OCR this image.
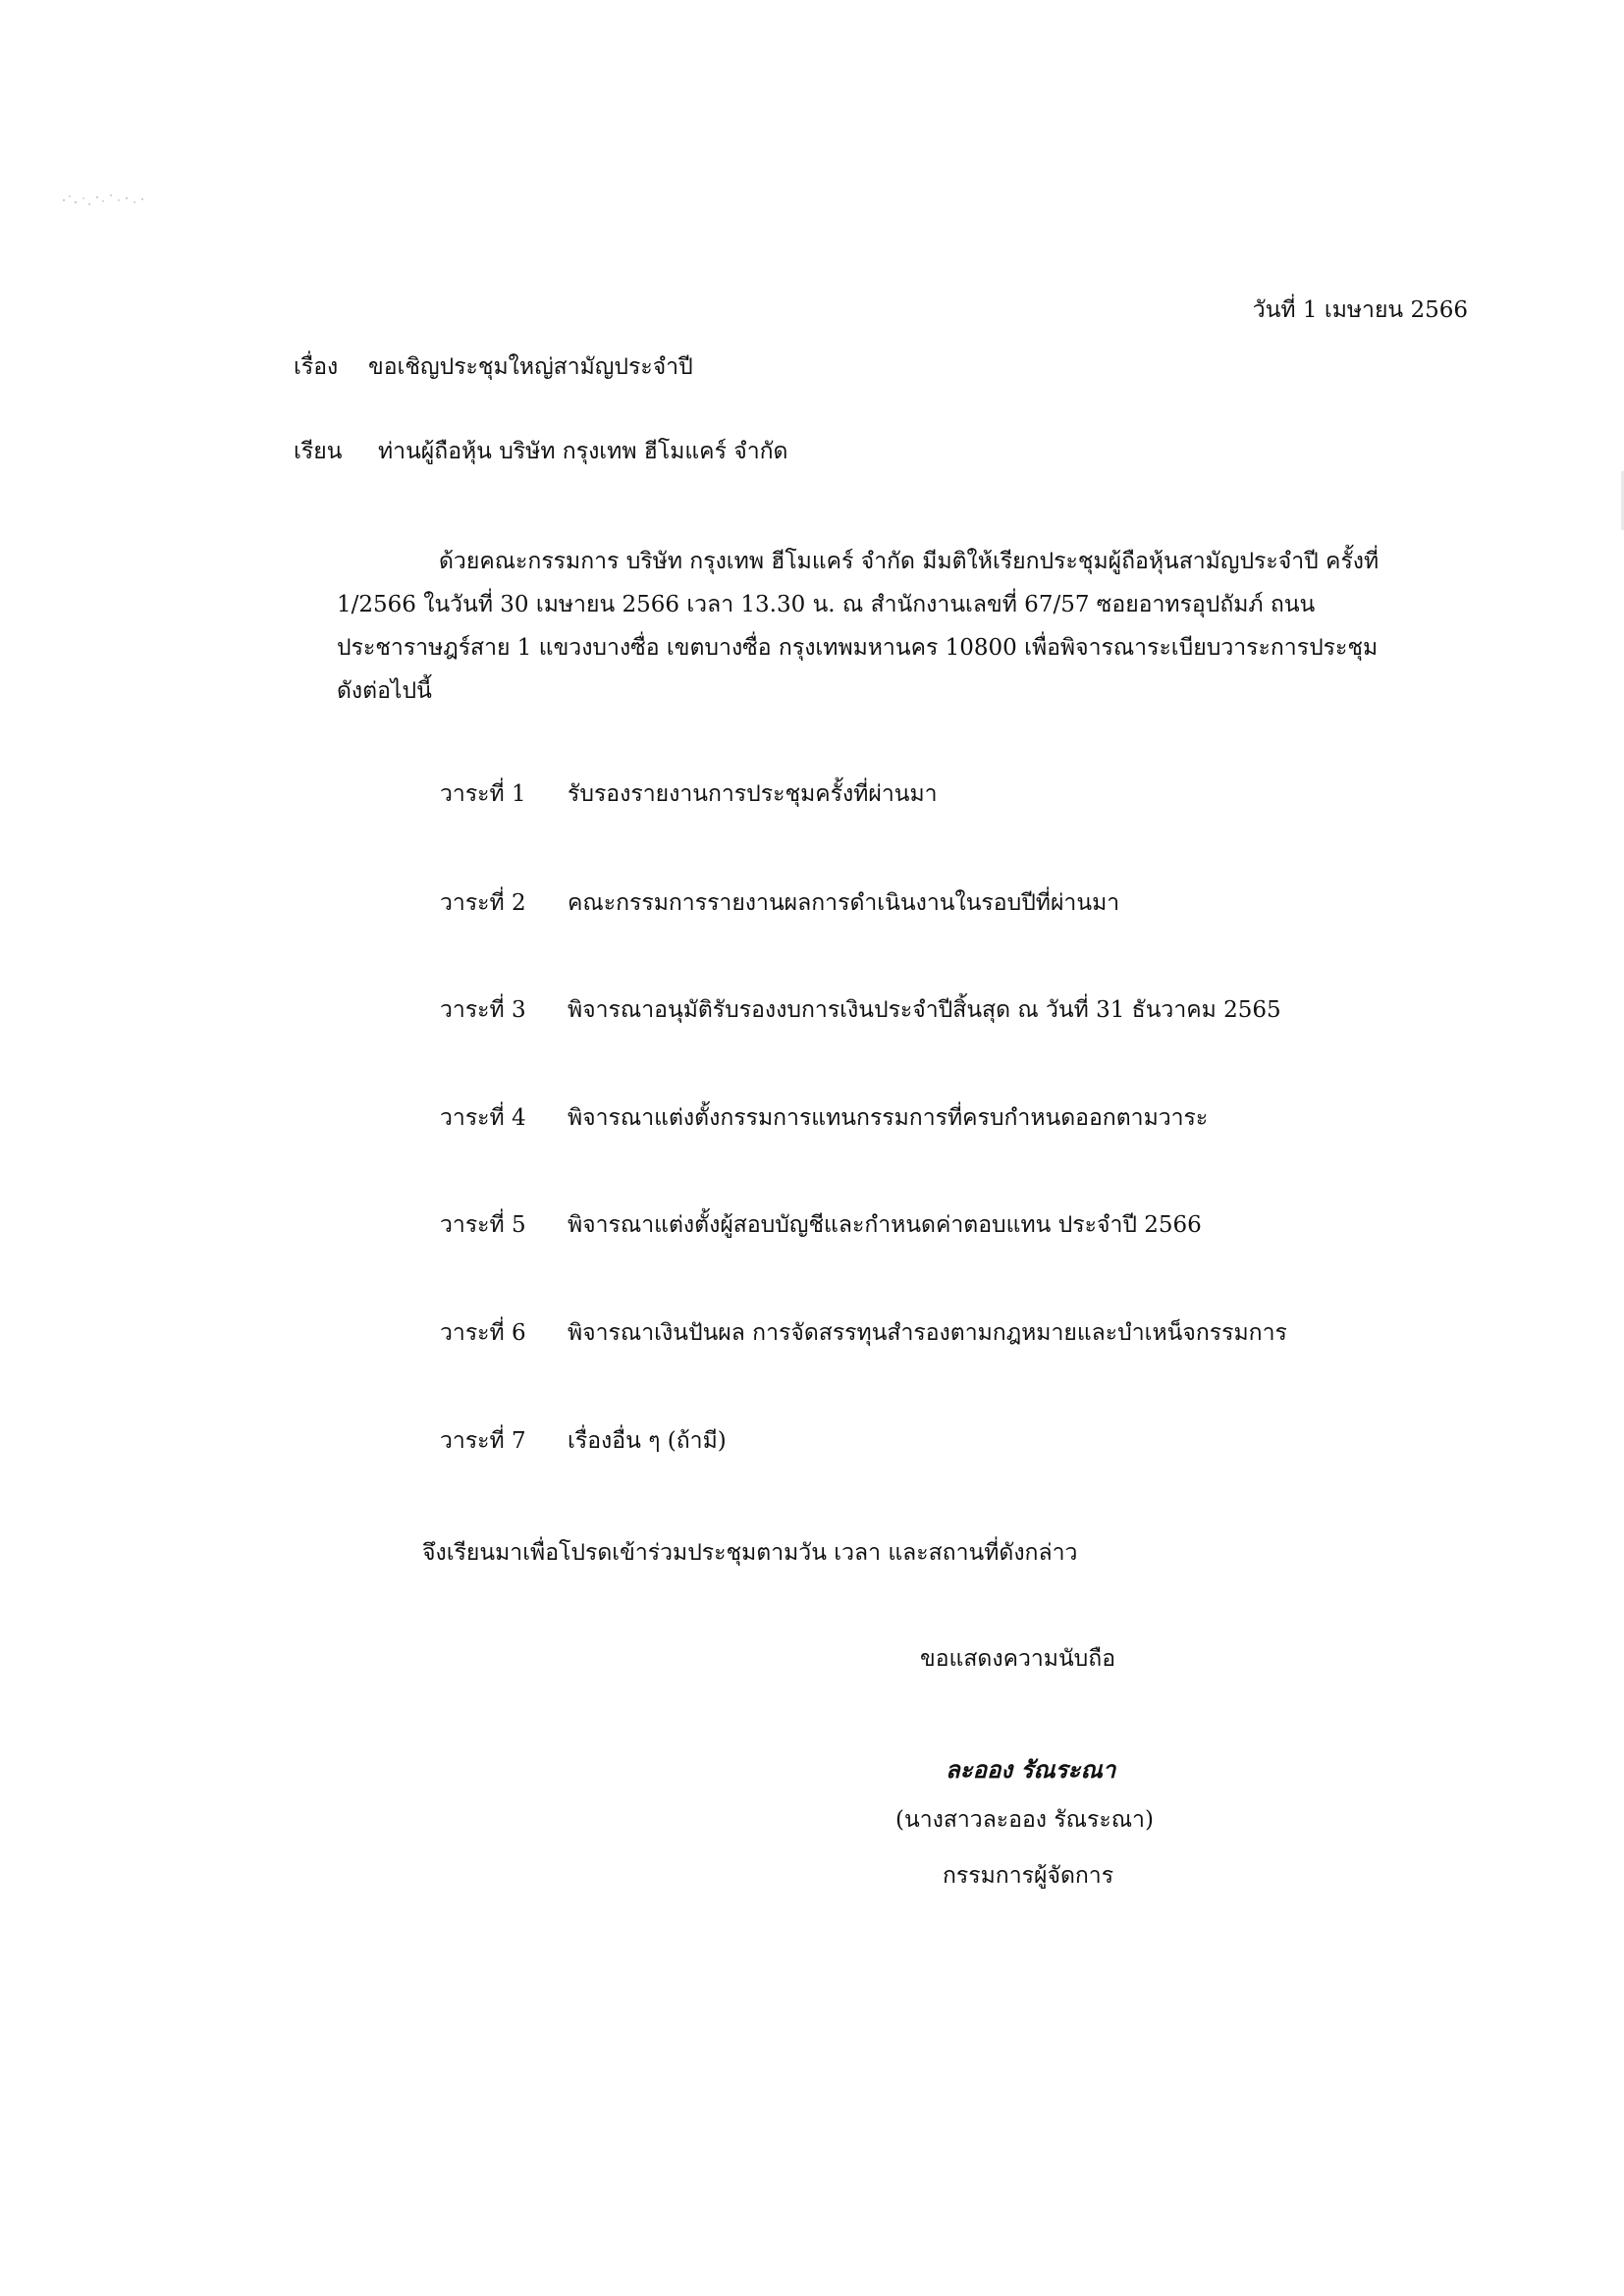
วันที่ 1 เมษายน 2566
เรื่อง ขอเชิญประชุมใหญ่สามัญประจำปี
เรียน ท่านผู้ถือหุ้น บริษัท กรุงเทพ ฮีโมแคร์ จำกัด
ด้วยคณะกรรมการ บริษัท กรุงเทพ ฮีโมแคร์ จำกัด มีมติให้เรียกประชุมผู้ถือหุ้นสามัญประจำปี ครั้งที่
1/2566 ในวันที่ 30 เมษายน 2566 เวลา 13.30 น. ณ สำนักงานเลขที่ 67/57 ซอยอาทรอุปถัมภ์ ถนน
ประชาราษฎร์สาย 1 แขวงบางซื่อ เขตบางซื่อ กรุงเทพมหานคร 10800 เพื่อพิจารณาระเบียบวาระการประชุม
ดังต่อไปนี้
วาระที่ 1 รับรองรายงานการประชุมครั้งที่ผ่านมา
วาระที่ 2 คณะกรรมการรายงานผลการดำเนินงานในรอบปีที่ผ่านมา
วาระที่ 3 พิจารณาอนุมัติรับรองงบการเงินประจำปีสิ้นสุด ณ วันที่ 31 ธันวาคม 2565
วาระที่ 4 พิจารณาแต่งตั้งกรรมการแทนกรรมการที่ครบกำหนดออกตามวาระ
วาระที่ 5 พิจารณาแต่งตั้งผู้สอบบัญชีและกำหนดค่าตอบแทน ประจำปี 2566
วาระที่ 6 พิจารณาเงินปันผล การจัดสรรทุนสำรองตามกฎหมายและบำเหน็จกรรมการ
วาระที่ 7 เรื่องอื่น ๆ (ถ้ามี)
จึงเรียนมาเพื่อโปรดเข้าร่วมประชุมตามวัน เวลา และสถานที่ดังกล่าว
ขอแสดงความนับถือ
ละออง รัณระณา
(นางสาวละออง รัณระณา)
กรรมการผู้จัดการ
